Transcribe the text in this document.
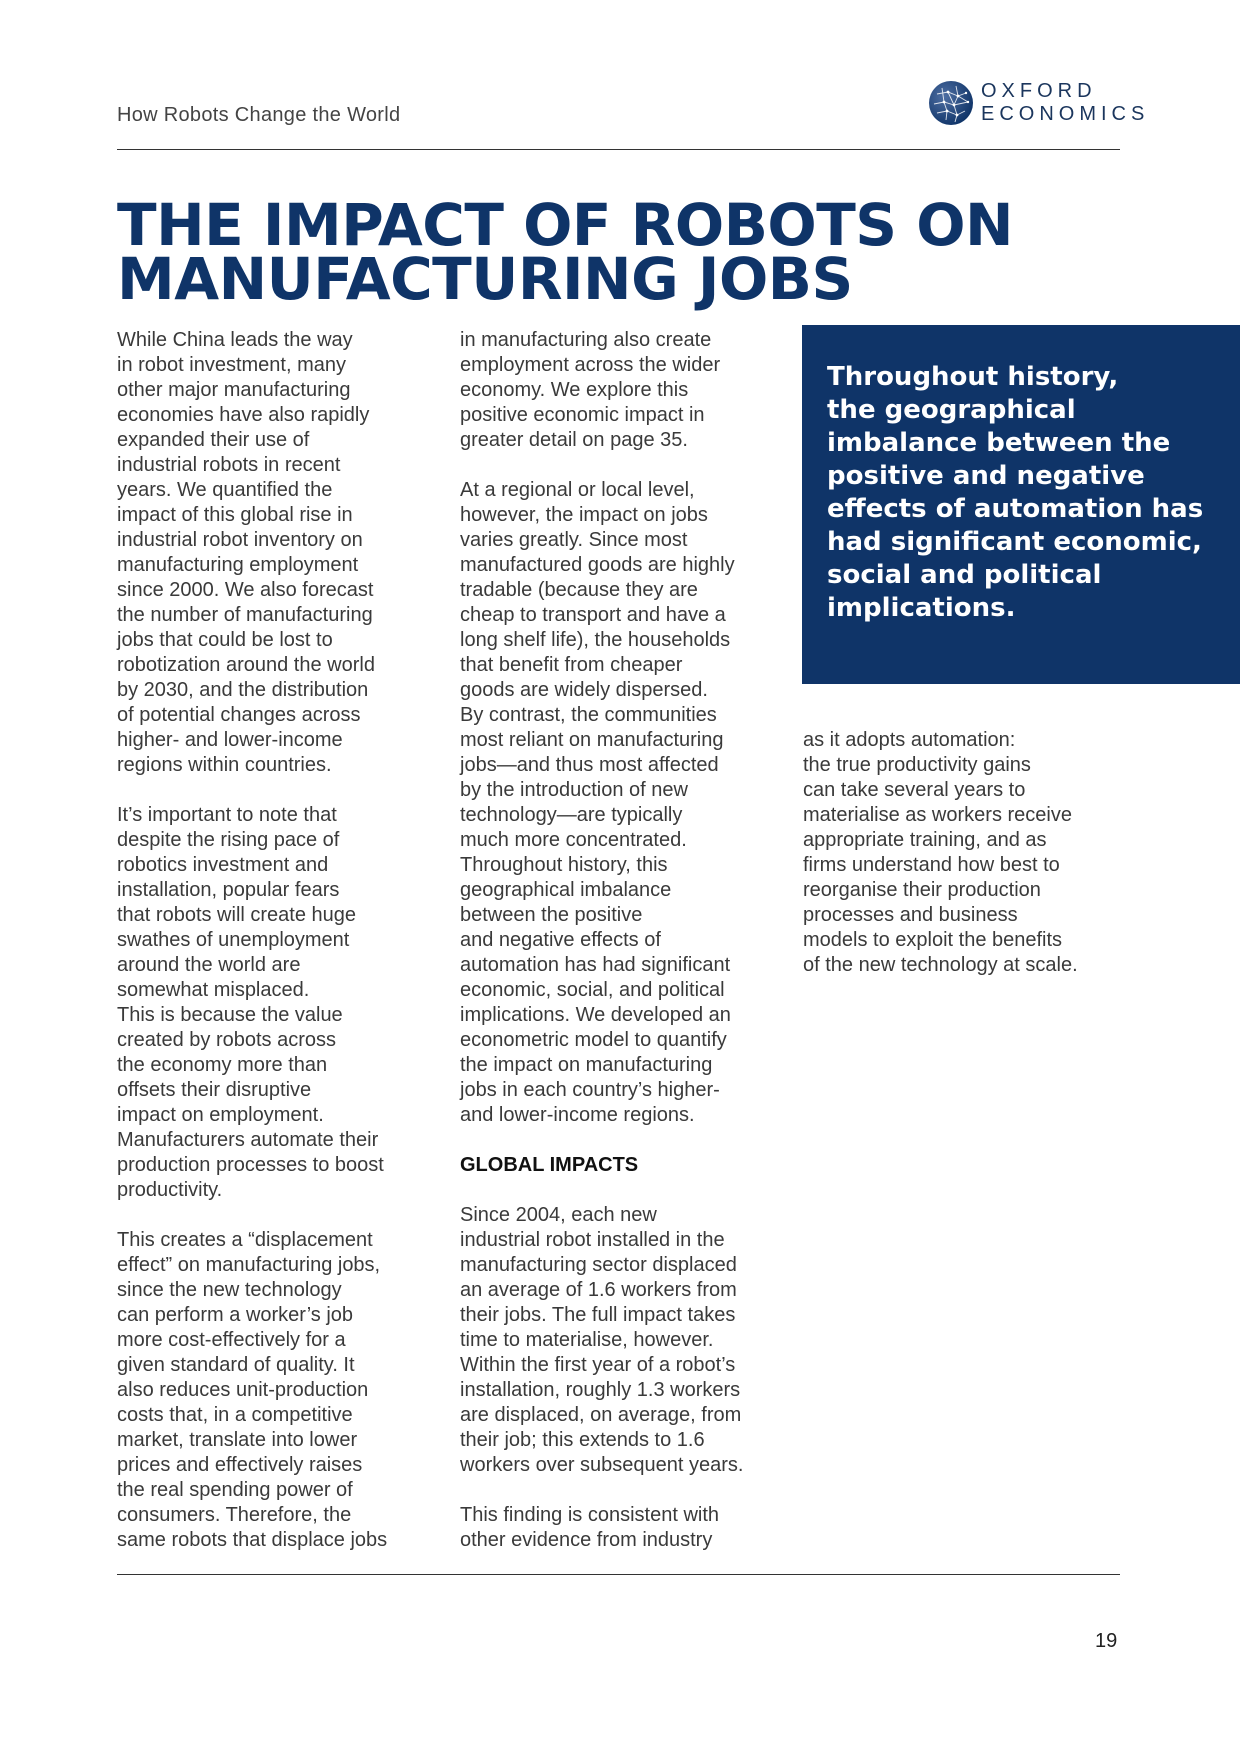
How Robots Change the World
OXFORD
ECONOMICS
THE IMPACT OF ROBOTS ON
MANUFACTURING JOBS

While China leads the way
in robot investment, many
other major manufacturing
economies have also rapidly
expanded their use of
industrial robots in recent
years. We quantified the
impact of this global rise in
industrial robot inventory on
manufacturing employment
since 2000. We also forecast
the number of manufacturing
jobs that could be lost to
robotization around the world
by 2030, and the distribution
of potential changes across
higher- and lower-income
regions within countries.

It’s important to note that
despite the rising pace of
robotics investment and
installation, popular fears
that robots will create huge
swathes of unemployment
around the world are
somewhat misplaced.
This is because the value
created by robots across
the economy more than
offsets their disruptive
impact on employment.
Manufacturers automate their
production processes to boost
productivity.

This creates a “displacement
effect” on manufacturing jobs,
since the new technology
can perform a worker’s job
more cost-effectively for a
given standard of quality. It
also reduces unit-production
costs that, in a competitive
market, translate into lower
prices and effectively raises
the real spending power of
consumers. Therefore, the
same robots that displace jobs

in manufacturing also create
employment across the wider
economy. We explore this
positive economic impact in
greater detail on page 35.

At a regional or local level,
however, the impact on jobs
varies greatly. Since most
manufactured goods are highly
tradable (because they are
cheap to transport and have a
long shelf life), the households
that benefit from cheaper
goods are widely dispersed.
By contrast, the communities
most reliant on manufacturing
jobs—and thus most affected
by the introduction of new
technology—are typically
much more concentrated.
Throughout history, this
geographical imbalance
between the positive
and negative effects of
automation has had significant
economic, social, and political
implications. We developed an
econometric model to quantify
the impact on manufacturing
jobs in each country’s higher-
and lower-income regions.

GLOBAL IMPACTS

Since 2004, each new
industrial robot installed in the
manufacturing sector displaced
an average of 1.6 workers from
their jobs. The full impact takes
time to materialise, however.
Within the first year of a robot’s
installation, roughly 1.3 workers
are displaced, on average, from
their job; this extends to 1.6
workers over subsequent years.

This finding is consistent with
other evidence from industry

Throughout history,
the geographical
imbalance between the
positive and negative
effects of automation has
had significant economic,
social and political
implications.

as it adopts automation:
the true productivity gains
can take several years to
materialise as workers receive
appropriate training, and as
firms understand how best to
reorganise their production
processes and business
models to exploit the benefits
of the new technology at scale.

19
